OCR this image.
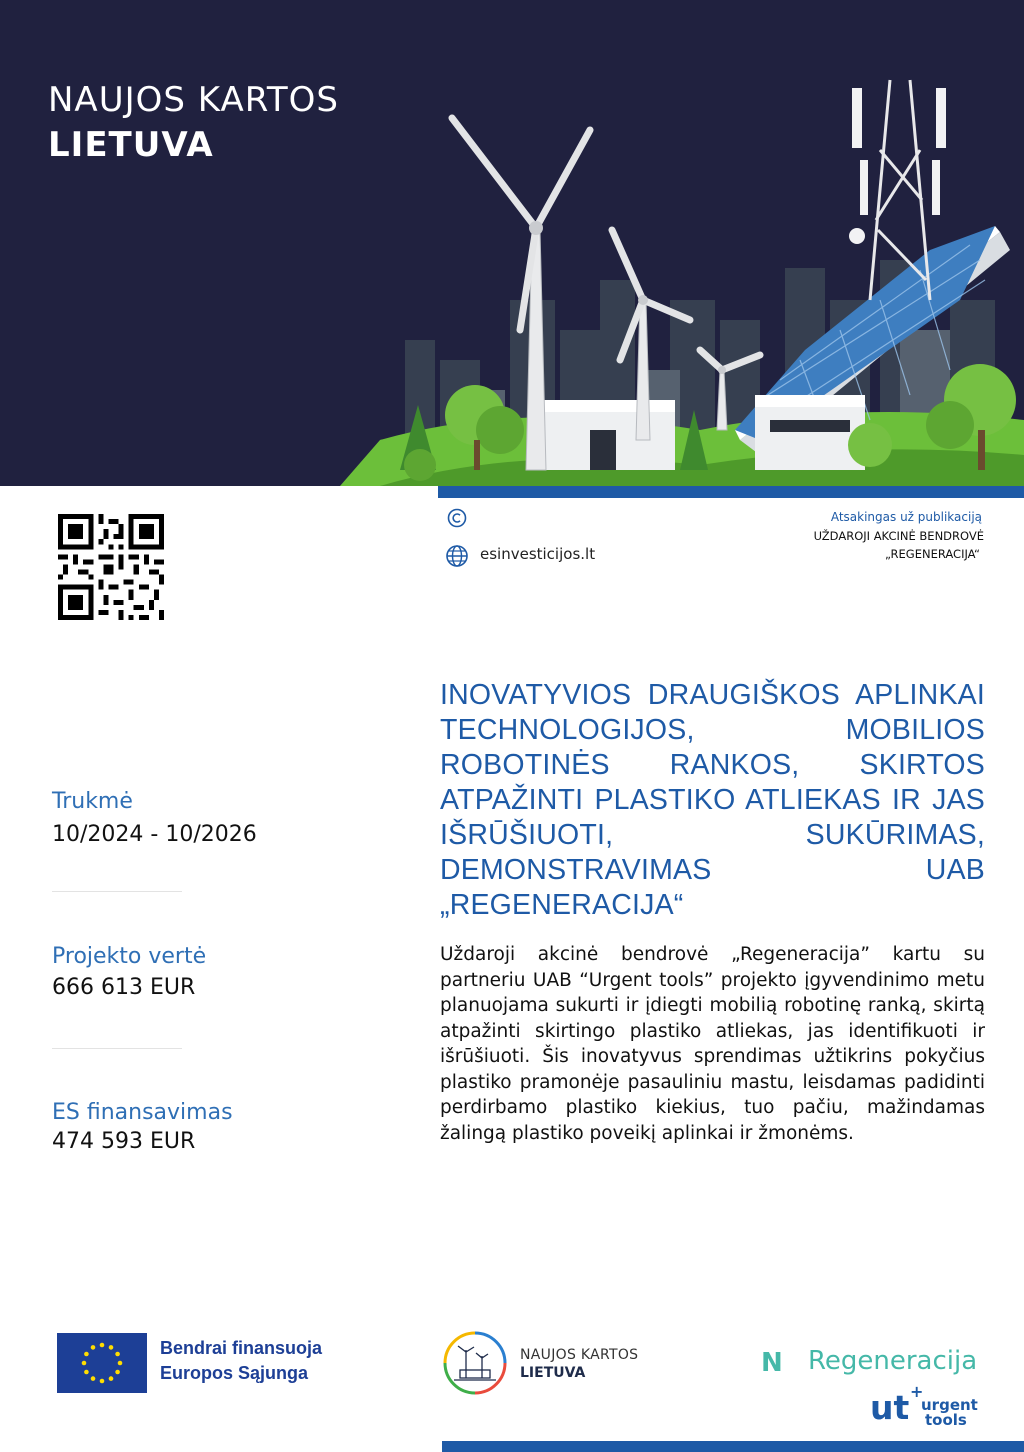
NAUJOS KARTOS
LIETUVA
esinvesticijos.lt
Atsakingas už publikaciją
UŽDAROJI AKCINĖ BENDROVĖ
„REGENERACIJA“
INOVATYVIOS DRAUGIŠKOS APLINKAI TECHNOLOGIJOS, MOBILIOS ROBOTINĖS RANKOS, SKIRTOS ATPAŽINTI PLASTIKO ATLIEKAS IR JAS IŠRŪŠIUOTI, SUKŪRIMAS, DEMONSTRAVIMAS UAB „REGENERACIJA“
Trukmė
10/2024 - 10/2026
Projekto vertė
666 613 EUR
ES finansavimas
474 593 EUR
Uždaroji akcinė bendrovė „Regeneracija” kartu su partneriu UAB “Urgent tools” projekto įgyvendinimo metu planuojama sukurti ir įdiegti mobilią robotinę ranką, skirtą atpažinti skirtingo plastiko atliekas, jas identifikuoti ir išrūšiuoti. Šis inovatyvus sprendimas užtikrins pokyčius plastiko pramonėje pasauliniu mastu, leisdamas padidinti perdirbamo plastiko kiekius, tuo pačiu, mažindamas žalingą plastiko poveikį aplinkai ir žmonėms.
Bendrai finansuoja
Europos Sąjunga
NAUJOS KARTOS
LIETUVA	N Regeneracija
ut +
urgent
tools
